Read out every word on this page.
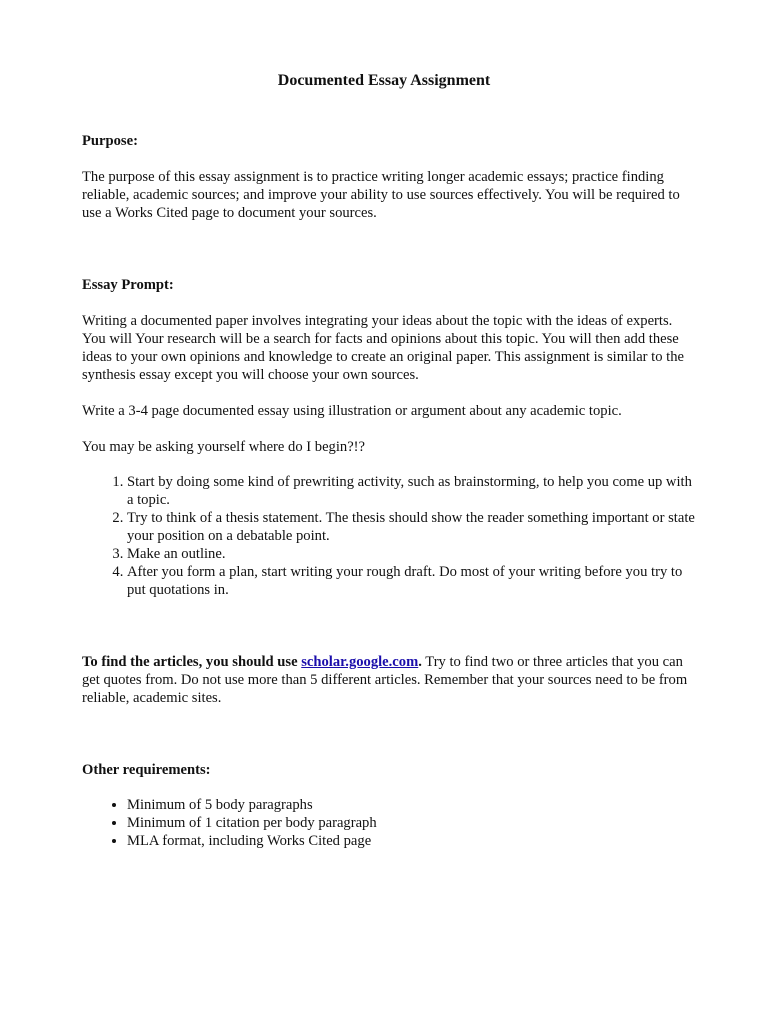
Documented Essay Assignment

Purpose:

The purpose of this essay assignment is to practice writing longer academic essays; practice finding reliable, academic sources; and improve your ability to use sources effectively. You will be required to use a Works Cited page to document your sources.

Essay Prompt:

Writing a documented paper involves integrating your ideas about the topic with the ideas of experts. You will Your research will be a search for facts and opinions about this topic. You will then add these ideas to your own opinions and knowledge to create an original paper. This assignment is similar to the synthesis essay except you will choose your own sources.

Write a 3-4 page documented essay using illustration or argument about any academic topic.

You may be asking yourself where do I begin?!?

1. Start by doing some kind of prewriting activity, such as brainstorming, to help you come up with a topic.
2. Try to think of a thesis statement. The thesis should show the reader something important or state your position on a debatable point.
3. Make an outline.
4. After you form a plan, start writing your rough draft. Do most of your writing before you try to put quotations in.

To find the articles, you should use scholar.google.com. Try to find two or three articles that you can get quotes from. Do not use more than 5 different articles. Remember that your sources need to be from reliable, academic sites.

Other requirements:

• Minimum of 5 body paragraphs
• Minimum of 1 citation per body paragraph
• MLA format, including Works Cited page
